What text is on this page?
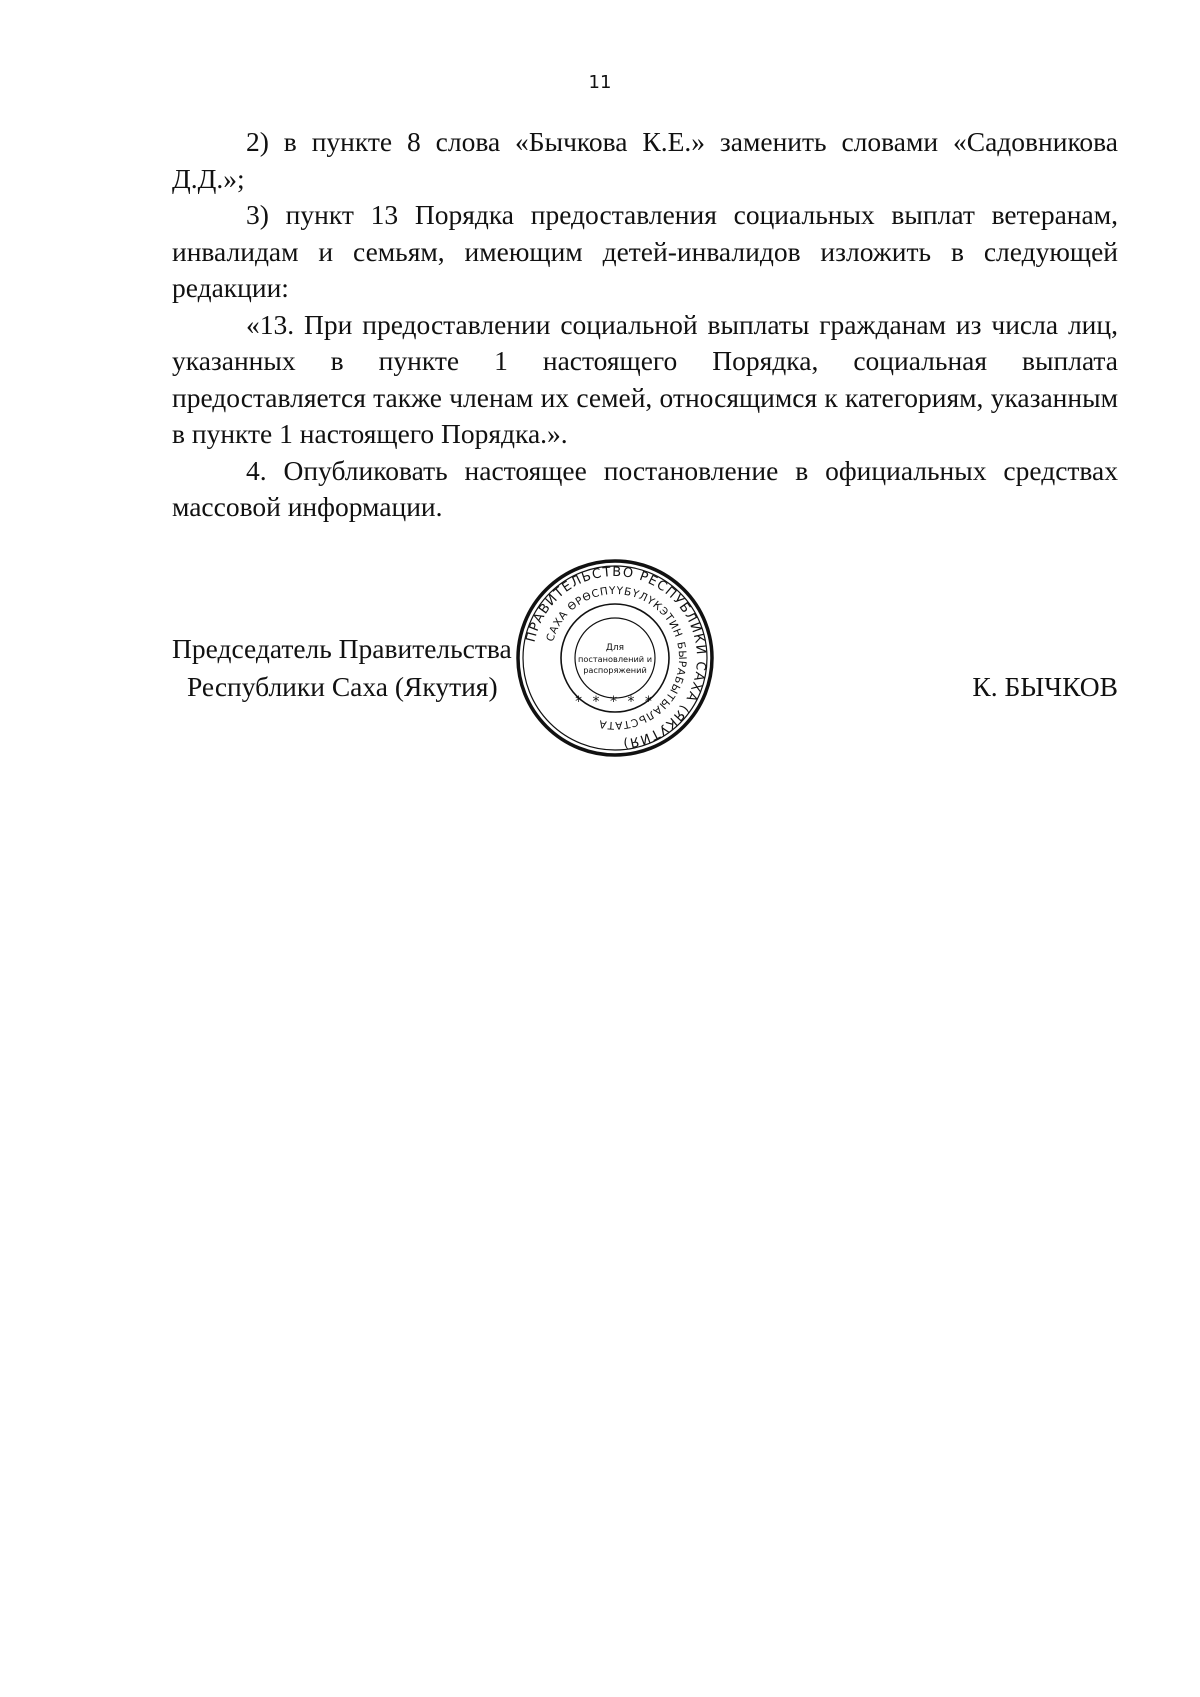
11

2) в пункте 8 слова «Бычкова К.Е.» заменить словами «Садовникова Д.Д.»;

3) пункт 13 Порядка предоставления социальных выплат ветеранам, инвалидам и семьям, имеющим детей-инвалидов изложить в следующей редакции:

«13. При предоставлении социальной выплаты гражданам из числа лиц, указанных в пункте 1 настоящего Порядка, социальная выплата предоставляется также членам их семей, относящимся к категориям, указанным в пункте 1 настоящего Порядка.».

4. Опубликовать настоящее постановление в официальных средствах массовой информации.

Председатель Правительства
Республики Саха (Якутия)	К. БЫЧКОВ
ПРАВИТЕЛЬСТВО РЕСПУБЛИКИ САХА (ЯКУТИЯ)
САХА ӨРӨСПҮҮБҮЛҮКЭТИН БЫРАБЫТЫАЛЬСТАТА
* * * * *
Для
постановлений и
распоряжений
